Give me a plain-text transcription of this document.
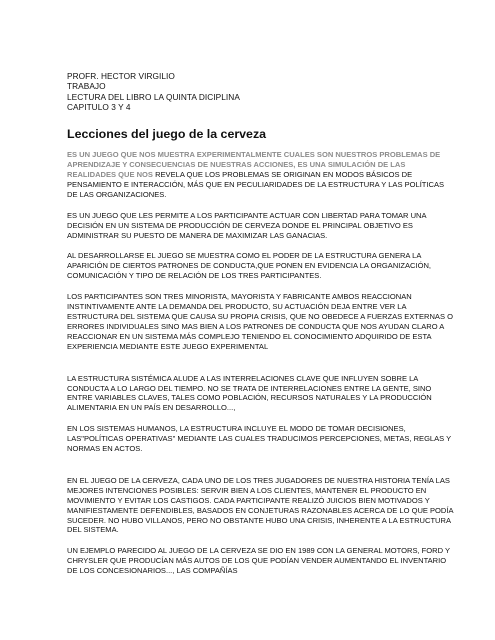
PROFR. HECTOR VIRGILIO

TRABAJO

LECTURA DEL LIBRO LA QUINTA DICIPLINA

CAPITULO 3 Y 4

Lecciones del juego de la cerveza

ES UN JUEGO QUE NOS MUESTRA EXPERIMENTALMENTE CUALES SON NUESTROS PROBLEMAS DE APRENDIZAJE Y CONSECUENCIAS DE NUESTRAS ACCIONES, ES UNA SIMULACIÓN DE LAS REALIDADES QUE NOS REVELA QUE LOS PROBLEMAS SE ORIGINAN EN MODOS BÁSICOS DE PENSAMIENTO E INTERACCIÓN, MÁS QUE EN PECULIARIDADES DE LA ESTRUCTURA Y LAS POLÍTICAS DE LAS ORGANIZACIONES.

ES UN JUEGO QUE LES PERMITE A LOS PARTICIPANTE ACTUAR CON LIBERTAD PARA TOMAR UNA DECISIÓN EN UN SISTEMA DE PRODUCCIÓN DE CERVEZA DONDE EL PRINCIPAL OBJETIVO ES ADMINISTRAR SU PUESTO DE MANERA DE MAXIMIZAR LAS GANACIAS.

AL DESARROLLARSE EL JUEGO SE MUESTRA COMO EL PODER DE LA ESTRUCTURA GENERA LA APARICIÓN DE CIERTOS PATRONES DE CONDUCTA,QUE PONEN EN EVIDENCIA LA ORGANIZACIÓN, COMUNICACIÓN Y TIPO DE RELACIÓN DE LOS TRES PARTICIPANTES.

LOS PARTICIPANTES SON TRES MINORISTA, MAYORISTA Y FABRICANTE AMBOS REACCIONAN INSTINTIVAMENTE ANTE LA DEMANDA DEL PRODUCTO, SU ACTUACIÓN DEJA ENTRE VER LA ESTRUCTURA DEL SISTEMA QUE CAUSA SU PROPIA CRISIS, QUE NO OBEDECE A FUERZAS EXTERNAS O ERRORES INDIVIDUALES SINO MAS BIEN A LOS PATRONES DE CONDUCTA QUE NOS AYUDAN CLARO A REACCIONAR EN UN SISTEMA MÁS COMPLEJO TENIENDO EL CONOCIMIENTO ADQUIRIDO DE ESTA EXPERIENCIA MEDIANTE ESTE JUEGO EXPERIMENTAL

LA ESTRUCTURA SISTÉMICA ALUDE A LAS INTERRELACIONES CLAVE QUE INFLUYEN SOBRE LA CONDUCTA A LO LARGO DEL TIEMPO. NO SE TRATA DE INTERRELACIONES ENTRE LA GENTE, SINO ENTRE VARIABLES CLAVES, TALES COMO POBLACIÓN, RECURSOS NATURALES Y LA PRODUCCIÓN ALIMENTARIA EN UN PAÍS EN DESARROLLO...,

EN LOS SISTEMAS HUMANOS, LA ESTRUCTURA INCLUYE EL MODO DE TOMAR DECISIONES, LAS"POLÍTICAS OPERATIVAS" MEDIANTE LAS CUALES TRADUCIMOS PERCEPCIONES, METAS, REGLAS Y NORMAS EN ACTOS.

EN EL JUEGO DE LA CERVEZA, CADA UNO DE LOS TRES JUGADORES DE NUESTRA HISTORIA TENÍA LAS MEJORES INTENCIONES POSIBLES: SERVIR BIEN A LOS CLIENTES, MANTENER EL PRODUCTO EN MOVIMIENTO Y EVITAR LOS CASTIGOS. CADA PARTICIPANTE REALIZÓ JUICIOS BIEN MOTIVADOS Y MANIFIESTAMENTE DEFENDIBLES, BASADOS EN CONJETURAS RAZONABLES ACERCA DE LO QUE PODÍA SUCEDER. NO HUBO VILLANOS, PERO NO OBSTANTE HUBO UNA CRISIS, INHERENTE A LA ESTRUCTURA DEL SISTEMA.

UN EJEMPLO PARECIDO AL JUEGO DE LA CERVEZA SE DIO EN 1989 CON LA GENERAL MOTORS, FORD Y CHRYSLER QUE PRODUCÍAN MÁS AUTOS DE LOS QUE PODÍAN VENDER AUMENTANDO EL INVENTARIO DE LOS CONCESIONARIOS..., LAS COMPAÑÍAS
